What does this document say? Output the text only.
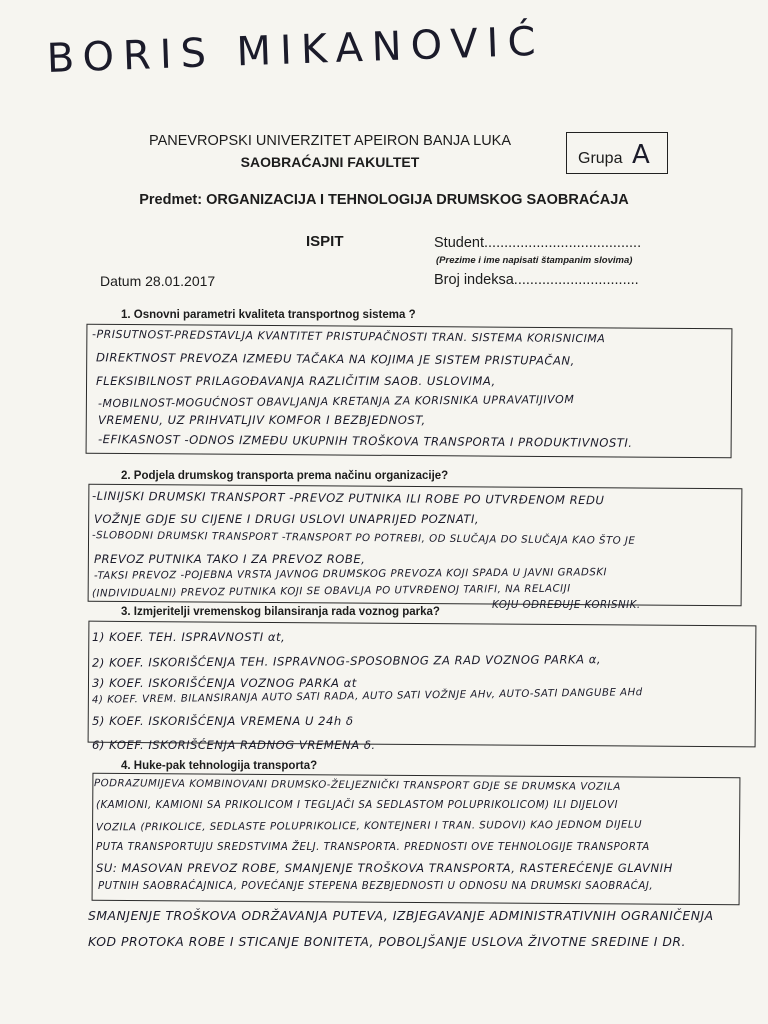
BORIS MIKANOVIĆ
PANEVROPSKI UNIVERZITET APEIRON BANJA LUKA
SAOBRAĆAJNI FAKULTET	Grupa A
Predmet: ORGANIZACIJA I TEHNOLOGIJA DRUMSKOG SAOBRAĆAJA
ISPIT	Student.......................................
(Prezime i ime napisati štampanim slovima)
Datum 28.01.2017	Broj indeksa...............................
1. Osnovni parametri kvaliteta transportnog sistema ?
-PRISUTNOST-PREDSTAVLJA KVANTITET PRISTUPAČNOSTI TRAN. SISTEMA KORISNICIMA
DIREKTNOST PREVOZA IZMEĐU TAČAKA NA KOJIMA JE SISTEM PRISTUPAČAN,
FLEKSIBILNOST PRILAGOĐAVANJA RAZLIČITIM SAOB. USLOVIMA,
-MOBILNOST-MOGUĆNOST OBAVLJANJA KRETANJA ZA KORISNIKA UPRAVATIJIVOM
VREMENU, UZ PRIHVATLJIV KOMFOR I BEZBJEDNOST,
-EFIKASNOST -ODNOS IZMEĐU UKUPNIH TROŠKOVA TRANSPORTA I PRODUKTIVNOSTI.
2. Podjela drumskog transporta prema načinu organizacije?
-LINIJSKI DRUMSKI TRANSPORT -PREVOZ PUTNIKA ILI ROBE PO UTVRĐENOM REDU
VOŽNJE GDJE SU CIJENE I DRUGI USLOVI UNAPRIJED POZNATI,
-SLOBODNI DRUMSKI TRANSPORT -TRANSPORT PO POTREBI, OD SLUČAJA DO SLUČAJA KAO ŠTO JE
PREVOZ PUTNIKA TAKO I ZA PREVOZ ROBE,
-TAKSI PREVOZ -POJEBNA VRSTA JAVNOG DRUMSKOG PREVOZA KOJI SPADA U JAVNI GRADSKI
(INDIVIDUALNI) PREVOZ PUTNIKA KOJI SE OBAVLJA PO UTVRĐENOJ TARIFI, NA RELACIJI
KOJU ODREĐUJE KORISNIK.
3. Izmjeritelji vremenskog bilansiranja rada voznog parka?
1) KOEF. TEH. ISPRAVNOSTI αt,
2) KOEF. ISKORIŠĆENJA TEH. ISPRAVNOG-SPOSOBNOG ZA RAD VOZNOG PARKA α,
3) KOEF. ISKORIŠĆENJA VOZNOG PARKA αt
4) KOEF. VREM. BILANSIRANJA AUTO SATI RADA, AUTO SATI VOŽNJE AHv, AUTO-SATI DANGUBE AHd
5) KOEF. ISKORIŠĆENJA VREMENA U 24h δ
6) KOEF. ISKORIŠĆENJA RADNOG VREMENA δ.
4. Huke-pak tehnologija transporta?
PODRAZUMIJEVA KOMBINOVANI DRUMSKO-ŽELJEZNIČKI TRANSPORT GDJE SE DRUMSKA VOZILA
(KAMIONI, KAMIONI SA PRIKOLICOM I TEGLJAČI SA SEDLASTOM POLUPRIKOLICOM) ILI DIJELOVI
VOZILA (PRIKOLICE, SEDLASTE POLUPRIKOLICE, KONTEJNERI I TRAN. SUDOVI) KAO JEDNOM DIJELU
PUTA TRANSPORTUJU SREDSTVIMA ŽELJ. TRANSPORTA. PREDNOSTI OVE TEHNOLOGIJE TRANSPORTA
SU: MASOVAN PREVOZ ROBE, SMANJENJE TROŠKOVA TRANSPORTA, RASTEREĆENJE GLAVNIH
PUTNIH SAOBRAĆAJNICA, POVEĆANJE STEPENA BEZBJEDNOSTI U ODNOSU NA DRUMSKI SAOBRAĆAJ,
SMANJENJE TROŠKOVA ODRŽAVANJA PUTEVA, IZBJEGAVANJE ADMINISTRATIVNIH OGRANIČENJA
KOD PROTOKA ROBE I STICANJE BONITETA, POBOLJŠANJE USLOVA ŽIVOTNE SREDINE I DR.
